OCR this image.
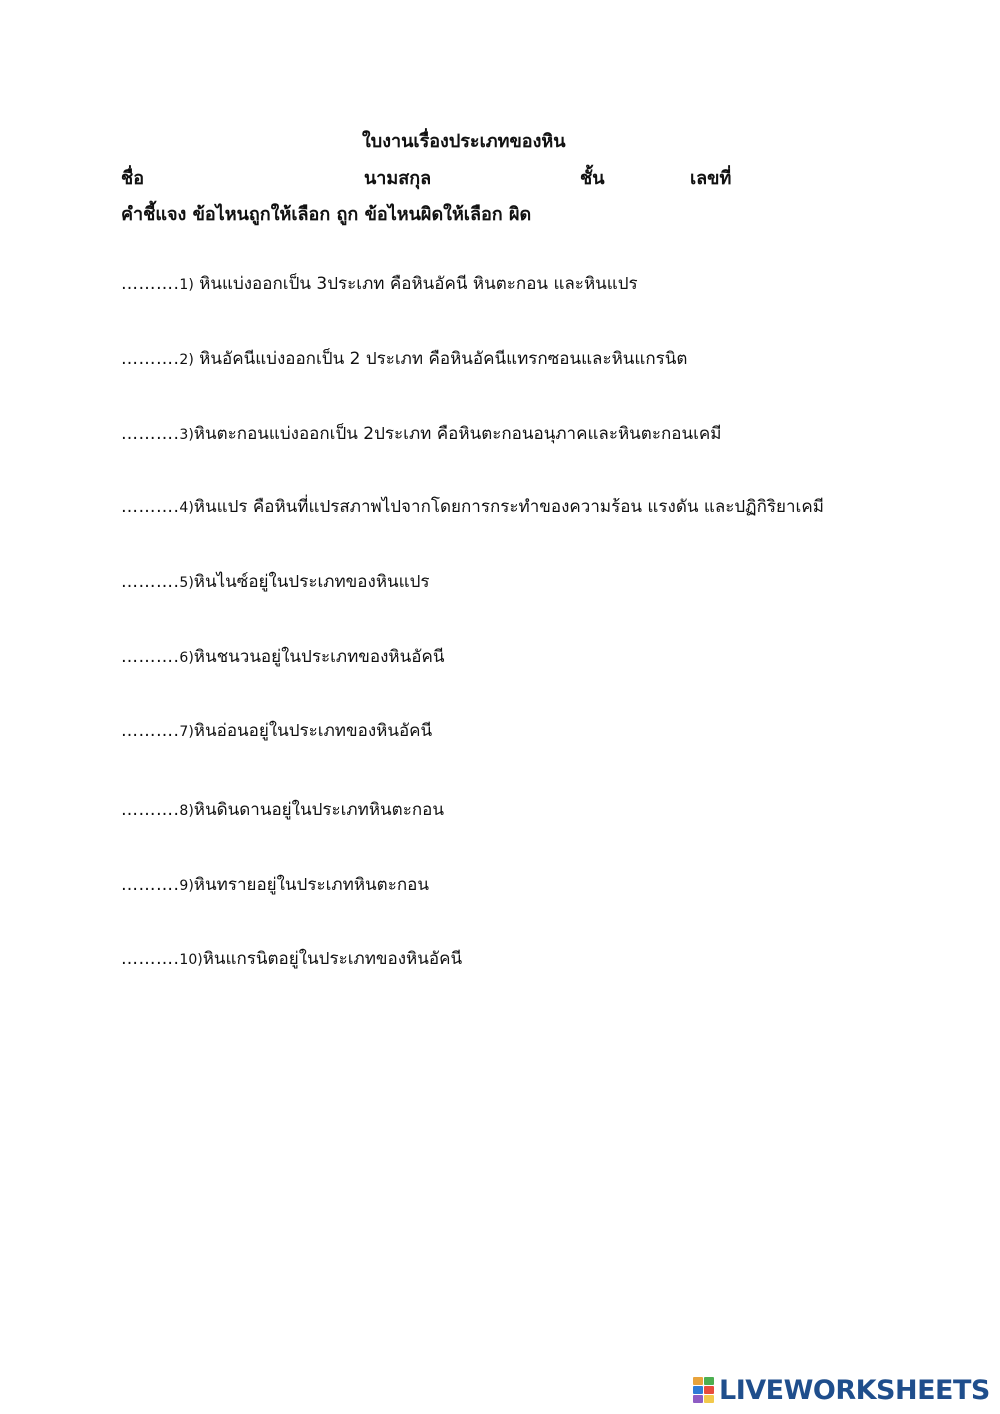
ใบงานเรื่องประเภทของหิน
ชื่อ	นามสกุล	ชั้น	เลขที่
คำชี้แจง ข้อไหนถูกให้เลือก ถูก ข้อไหนผิดให้เลือก ผิด
……….1) หินแบ่งออกเป็น 3ประเภท คือหินอัคนี หินตะกอน และหินแปร
……….2) หินอัคนีแบ่งออกเป็น 2 ประเภท คือหินอัคนีแทรกซอนและหินแกรนิต
……….3)หินตะกอนแบ่งออกเป็น 2ประเภท คือหินตะกอนอนุภาคและหินตะกอนเคมี
……….4)หินแปร คือหินที่แปรสภาพไปจากโดยการกระทำของความร้อน แรงดัน และปฏิกิริยาเคมี
……….5)หินไนซ์อยู่ในประเภทของหินแปร
……….6)หินชนวนอยู่ในประเภทของหินอัคนี
……….7)หินอ่อนอยู่ในประเภทของหินอัคนี
……….8)หินดินดานอยู่ในประเภทหินตะกอน
……….9)หินทรายอยู่ในประเภทหินตะกอน
……….10)หินแกรนิตอยู่ในประเภทของหินอัคนี
LIVEWORKSHEETS
